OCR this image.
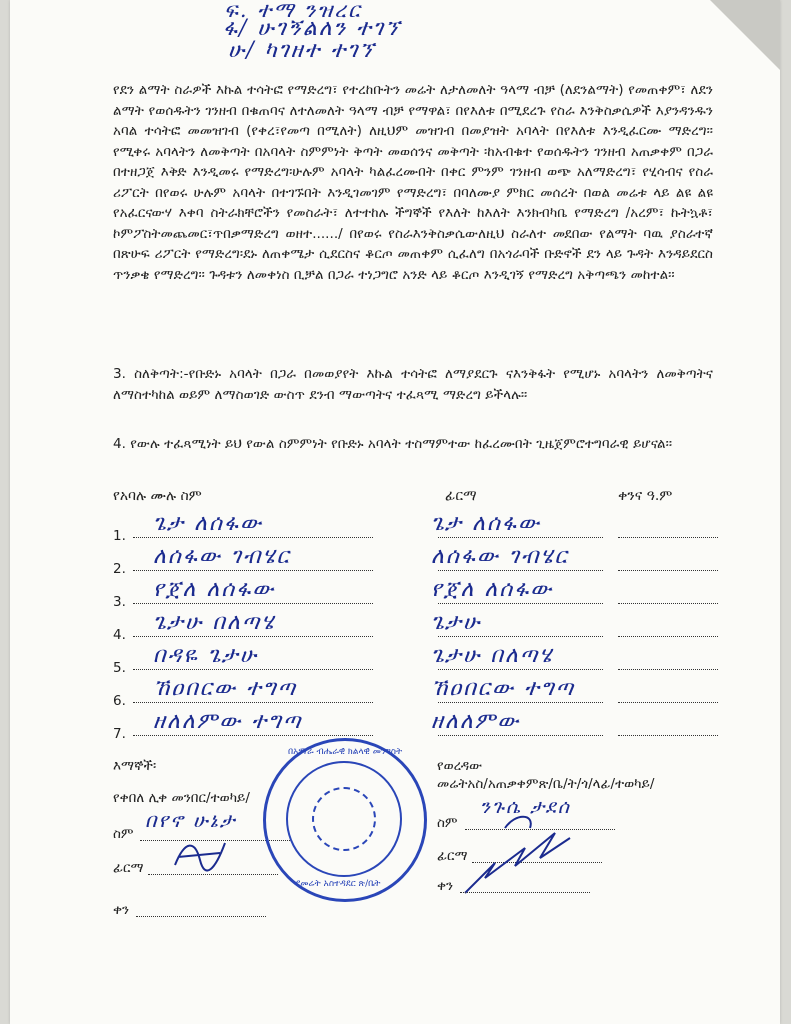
ፍ. ተማ ንዝረር
ፋ/ ሁገኝልለን ተገኘ
ሁ/ ካገዘተ ተገኘ

የደን ልማት ስራዎች እኩል ተሳትፎ የማድረግ፣ የተረከቡትን መሬት ለታለመለት ዓላማ ብቻ (ለደንልማት) የመጠቀም፣ ለደን ልማት የወሰዱትን ገንዘብ በቁጠባና ለተለመለት ዓላማ ብቻ የማዋል፣ በየእለቱ በሚደረጉ የስራ እንቅስቃሴዎች እያንዳንዱን አባል ተሳትፎ መመዝገብ (የቀረ፣የመጣ በሚለት) ለዚህም መዝገብ በመያዝት አባላት በየእለቱ እንዲፈርሙ ማድረግ፡፡የሚቀሩ አባላትን ለመቅጣት በአባላት ስምምነት ቅጣት መወሰንና መቅጣት ፡ከአብቁተ የወሰዱትን ገንዘብ አጠቃቀም በጋራ በተዘጋጀ እቅድ እንዲመሩ የማድረግ፡ሁሉም አባላት ካልፈረሙበት በቀር ምንም ገንዘብ ወጭ አለማድረግ፣ የሂሳብና የስራ ሪፖርት በየወሩ ሁሉም አባላት በተገኙበት እንዲገመገም የማድረግ፣ በባለሙያ ምክር መሰረት በወል መሬቱ ላይ ልዩ ልዩ የአፈርናውሃ እቀባ ስትራክቸሮችን የመስራት፣ ለተተከሉ ችግኞች የእለት ከእለት እንክብካቤ የማድረግ /አረም፣ ኩትኳቶ፣ ኮምፖስትመጨመር፣ጥበቃማድረግ ወዘተ....../ በየወሩ የስራእንቅስቃሴውለዚህ ስራለተ መደበው የልማት ባዉ ያስራተኛ በጽሁፍ ሪፖርት የማድረግ፡ደኑ ለጠቀሜታ ሲደርስና ቆርጦ መጠቀም ሲፈለግ በአጎራባች ቡድኖች ደን ላይ ጉዳት እንዳይደርስ ጥንቃቄ የማድረግ፡፡ ጉዳቱን ለመቀነስ ቢቻል በጋራ ተነጋግሮ አንድ ላይ ቆርጦ እንዲገኝ የማድረግ አቅጣጫን መከተል፡፡

3. ስለቅጣት:-የቡድኑ አባላት በጋራ በመወያየት እኩል ተሳትፎ ለማያደርጉ ናእንቅፋት የሚሆኑ አባላትን ለመቅጣትና ለማስተካከል ወይም ለማስወገድ ውስጥ ደንብ ማውጣትና ተፈጻሚ ማድረግ ይችላሉ፡፡

4. የውሉ ተፈጻሚነት ይህ የውል ስምምነት የቡድኑ አባላት ተስማምተው ከፈረሙበት ጊዜጀምሮተግባራዊ ይሆናል፡፡

የአባሉ ሙሉ ስም	ፊርማ	ቀንና ዓ.ም
1. ጌታ ለሰፋው	ጌታ ለሰፋው
2. ለሰፋው ገብሄር	ለሰፋው ገብሄር
3. የጀለ ለሰፋው	የጀለ ለሰፋው
4. ጌታሁ በለጣሄ	ጌታሁ
5. በዳዬ ጌታሁ	ጌታሁ በለጣሄ
6. ኸዐበርው ተግጣ	ኸዐበርው ተግጣ
7. ዘለለምው ተግጣ	ዘለለምው
እማኞች፡
የቀበለ ሊቀ መንበር/ተወካይ/
ስም
በየኖ ሁኔታ
ፊርማ
ቀን
የወረዳው
መሬትአስ/አጠቃቀምጽ/ቤ/ት/ጎ/ላፊ/ተወካይ/
ስም
ንጉሴ ታደሰ
ፊርማ
ቀን
በአማራ ብሔራዊ ክልላዊ መንግስት
የመሬት አስተዳደር ጽ/ቤት
